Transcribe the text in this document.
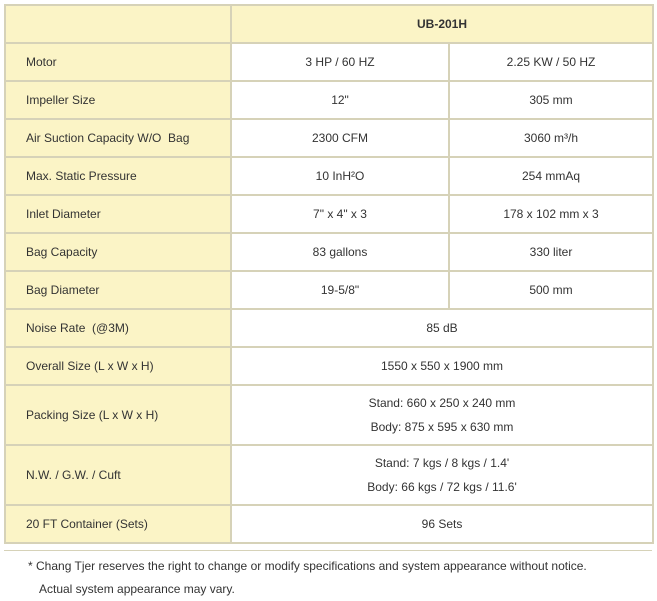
	UB-201H	
Motor	3 HP / 60 HZ	2.25 KW / 50 HZ
Impeller Size	12"	305 mm
Air Suction Capacity W/O  Bag	2300 CFM	3060 m³/h
Max. Static Pressure	10 InH²O	254 mmAq
Inlet Diameter	7" x 4" x 3	178 x 102 mm x 3
Bag Capacity	83 gallons	330 liter
Bag Diameter	19-5/8"	500 mm
Noise Rate  (@3M)	85 dB	
Overall Size (L x W x H)	1550 x 550 x 1900 mm	
Packing Size (L x W x H)	Stand: 660 x 250 x 240 mm
Body: 875 x 595 x 630 mm	

N.W. / G.W. / Cuft	Stand: 7 kgs / 8 kgs / 1.4'
Body: 66 kgs / 72 kgs / 11.6'	

20 FT Container (Sets)	96 Sets	
* Chang Tjer reserves the right to change or modify specifications and system appearance without notice.
Actual system appearance may vary.
